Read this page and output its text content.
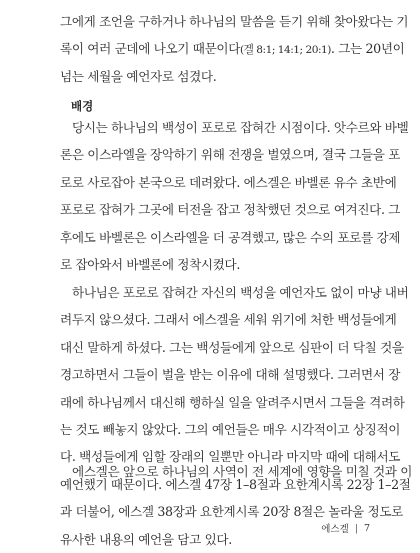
그에게 조언을 구하거나 하나님의 말씀을 듣기 위해 찾아왔다는 기
록이 여러 군데에 나오기 때문이다(겔 8:1; 14:1; 20:1). 그는 20년이
넘는 세월을 예언자로 섬겼다.
배경
당시는 하나님의 백성이 포로로 잡혀간 시점이다. 앗수르와 바벨
론은 이스라엘을 장악하기 위해 전쟁을 벌였으며, 결국 그들을 포
로로 사로잡아 본국으로 데려왔다. 에스겔은 바벨론 유수 초반에
포로로 잡혀가 그곳에 터전을 잡고 정착했던 것으로 여겨진다. 그
후에도 바벨론은 이스라엘을 더 공격했고, 많은 수의 포로를 강제
로 잡아와서 바벨론에 정착시켰다.
하나님은 포로로 잡혀간 자신의 백성을 예언자도 없이 마냥 내버
려두지 않으셨다. 그래서 에스겔을 세워 위기에 처한 백성들에게
대신 말하게 하셨다. 그는 백성들에게 앞으로 심판이 더 닥칠 것을
경고하면서 그들이 벌을 받는 이유에 대해 설명했다. 그러면서 장
래에 하나님께서 대신해 행하실 일을 알려주시면서 그들을 격려하
는 것도 빼놓지 않았다. 그의 예언들은 매우 시각적이고 상징적이
다. 백성들에게 임할 장래의 일뿐만 아니라 마지막 때에 대해서도
예언했기 때문이다. 에스겔 47장 1–8절과 요한계시록 22장 1–2절
과 더불어, 에스겔 38장과 요한계시록 20장 8절은 놀라울 정도로
유사한 내용의 예언을 담고 있다.
에스겔은 앞으로 하나님의 사역이 전 세계에 영향을 미칠 것과 이
에스겔 | 7
